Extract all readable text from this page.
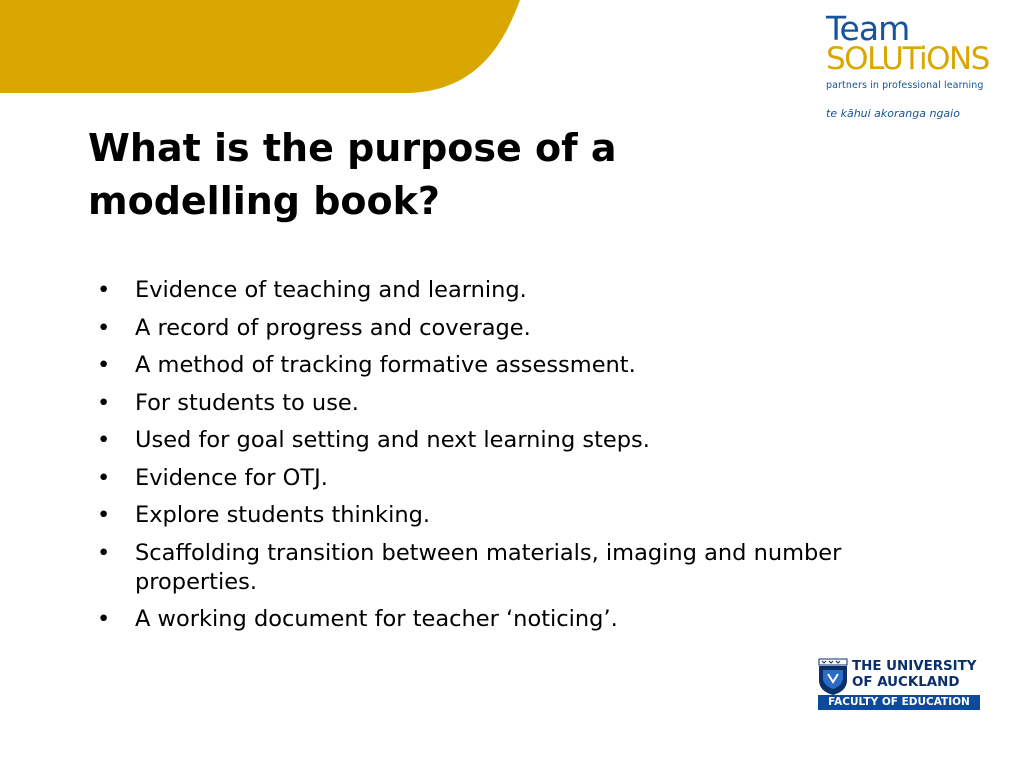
Team
SOLUTiONS
partners in professional learning
te kāhui akoranga ngaio
What is the purpose of a modelling book?
• Evidence of teaching and learning.
• A record of progress and coverage.
• A method of tracking formative assessment.
• For students to use.
• Used for goal setting and next learning steps.
• Evidence for OTJ.
• Explore students thinking.
• Scaffolding transition between materials, imaging and number properties.
• A working document for teacher ‘noticing’.
THE UNIVERSITY
OF AUCKLAND
FACULTY OF EDUCATION
